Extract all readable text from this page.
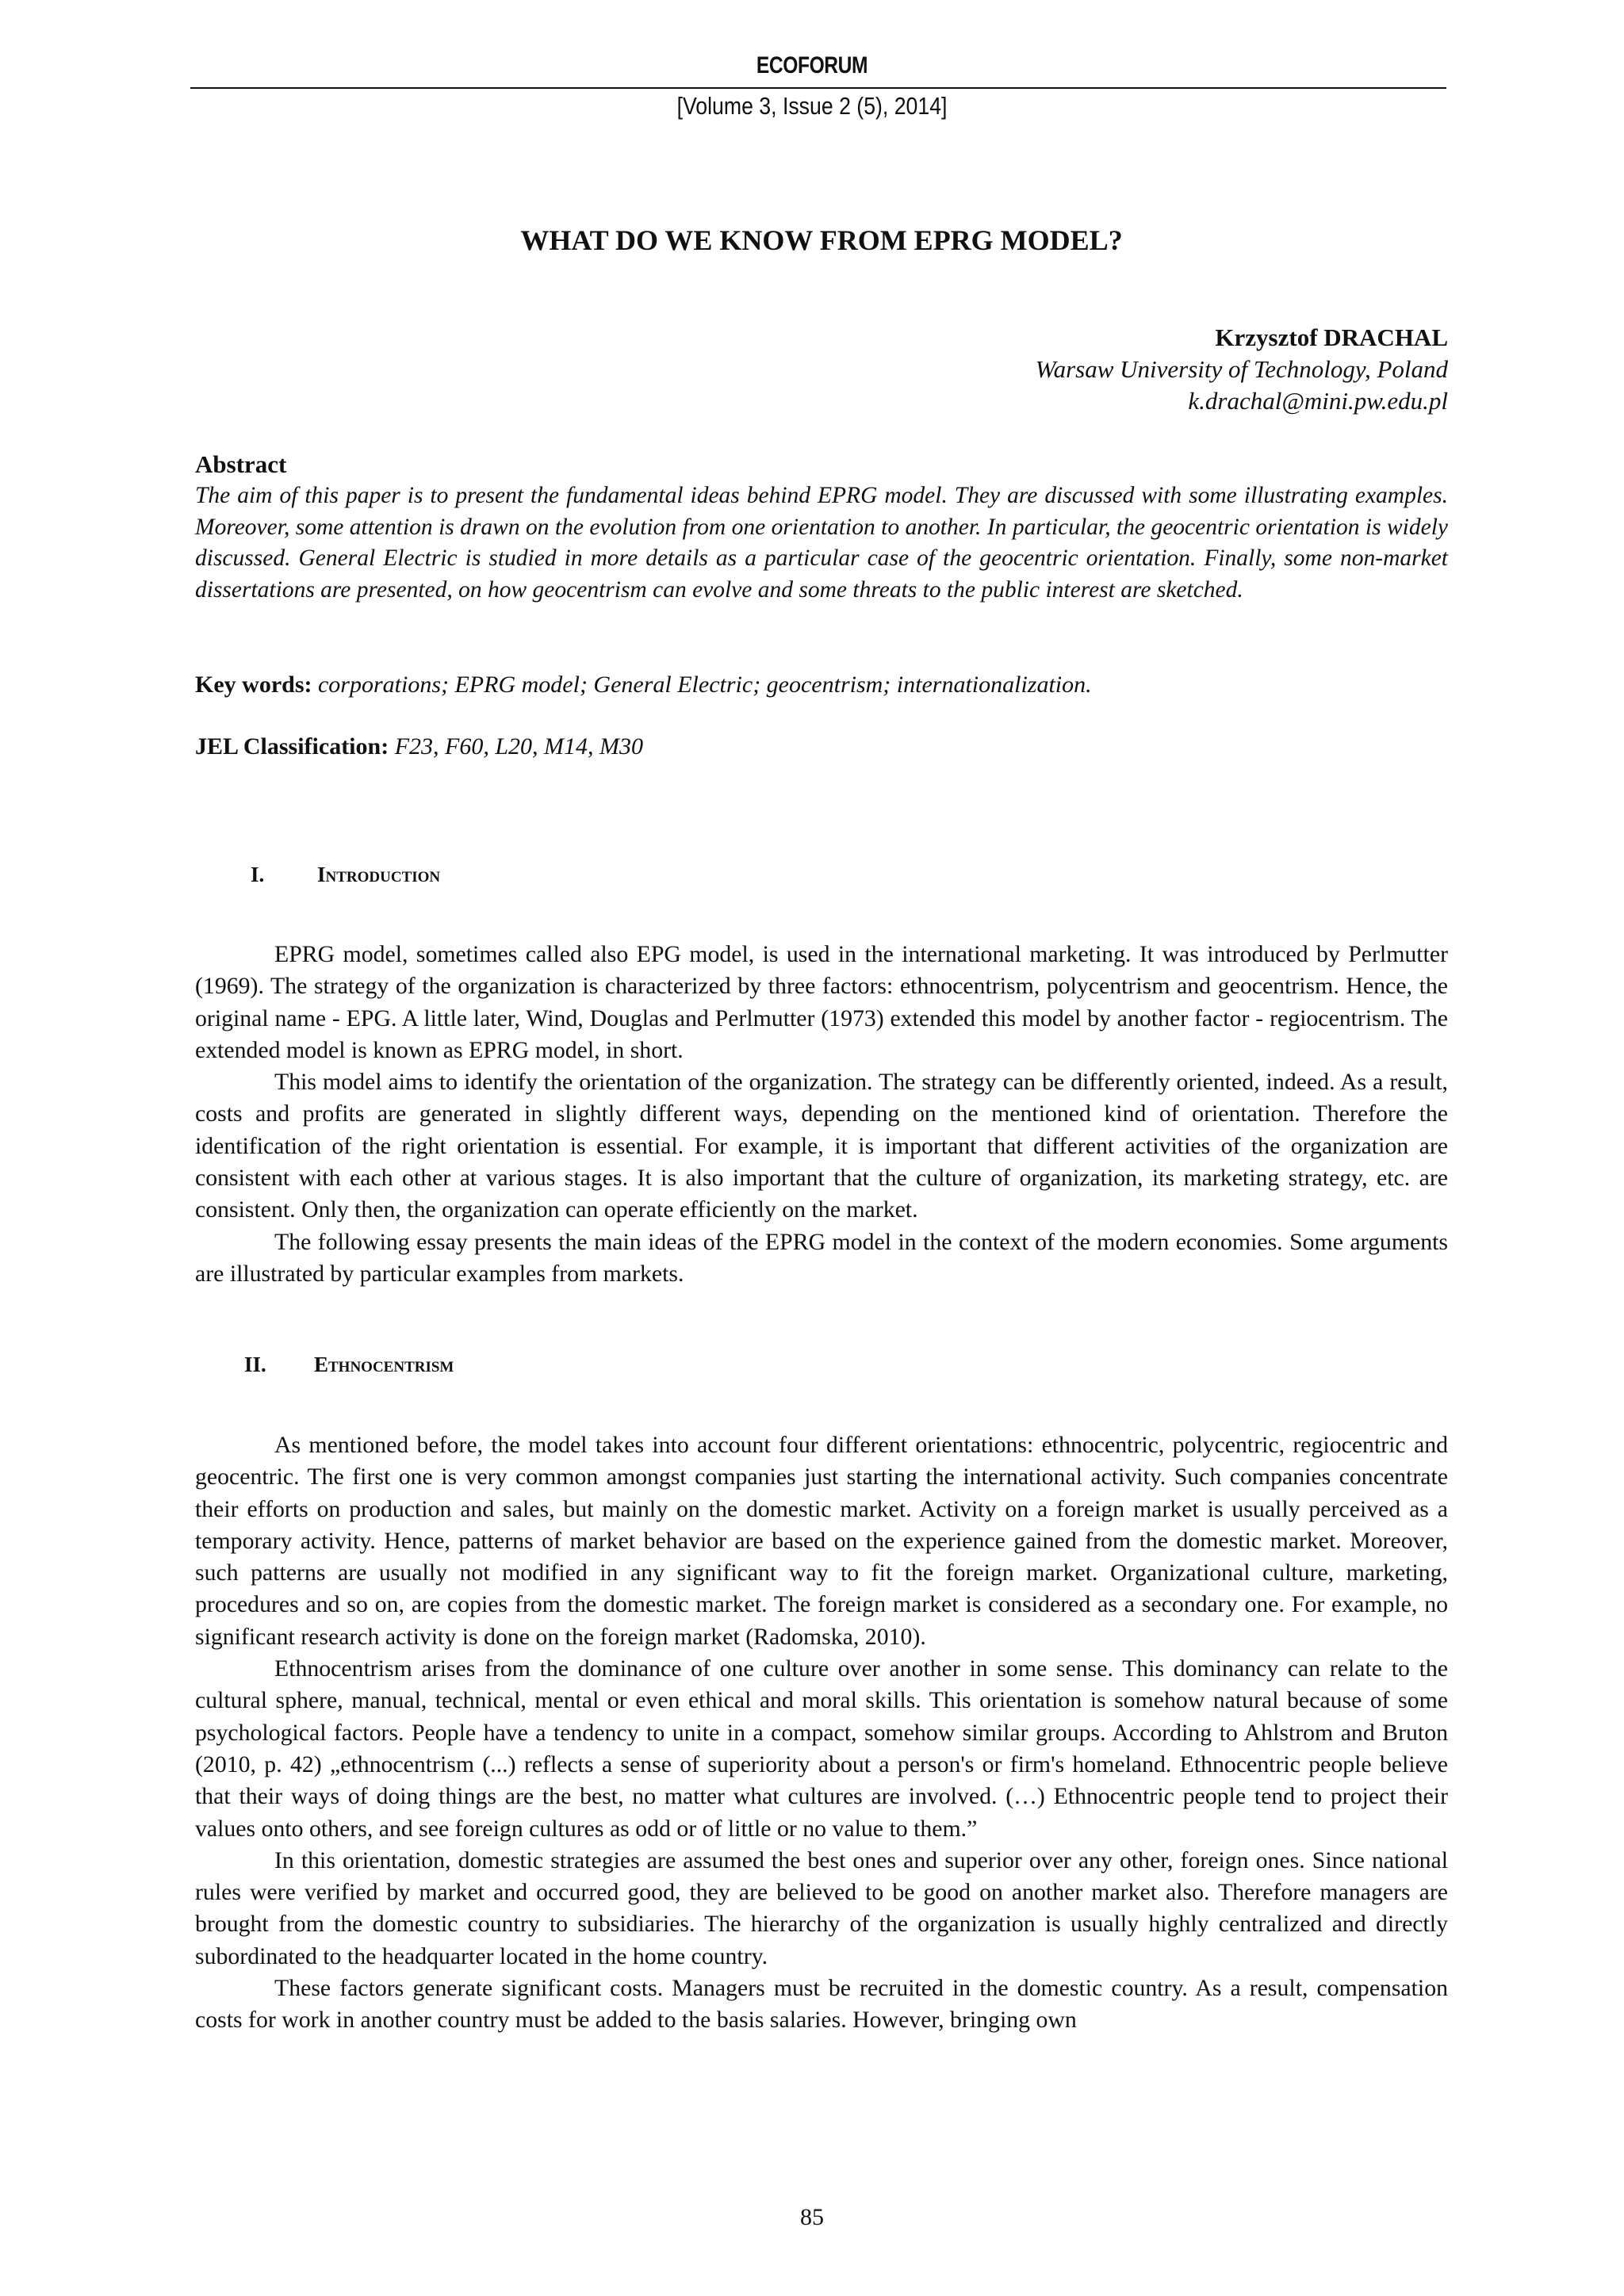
ECOFORUM
[Volume 3, Issue 2 (5), 2014]
WHAT DO WE KNOW FROM EPRG MODEL?
Krzysztof DRACHAL
Warsaw University of Technology, Poland
k.drachal@mini.pw.edu.pl
Abstract

The aim of this paper is to present the fundamental ideas behind EPRG model. They are discussed with some illustrating examples. Moreover, some attention is drawn on the evolution from one orientation to another. In particular, the geocentric orientation is widely discussed. General Electric is studied in more details as a particular case of the geocentric orientation. Finally, some non-market dissertations are presented, on how geocentrism can evolve and some threats to the public interest are sketched.

Key words: corporations; EPRG model; General Electric; geocentrism; internationalization.
JEL Classification: F23, F60, L20, M14, M30
I. Introduction

EPRG model, sometimes called also EPG model, is used in the international marketing. It was introduced by Perlmutter (1969). The strategy of the organization is characterized by three factors: ethnocentrism, polycentrism and geocentrism. Hence, the original name - EPG. A little later, Wind, Douglas and Perlmutter (1973) extended this model by another factor - regiocentrism. The extended model is known as EPRG model, in short.

This model aims to identify the orientation of the organization. The strategy can be differently oriented, indeed. As a result, costs and profits are generated in slightly different ways, depending on the mentioned kind of orientation. Therefore the identification of the right orientation is essential. For example, it is important that different activities of the organization are consistent with each other at various stages. It is also important that the culture of organization, its marketing strategy, etc. are consistent. Only then, the organization can operate efficiently on the market.

The following essay presents the main ideas of the EPRG model in the context of the modern economies. Some arguments are illustrated by particular examples from markets.

II. Ethnocentrism

As mentioned before, the model takes into account four different orientations: ethnocentric, polycentric, regiocentric and geocentric. The first one is very common amongst companies just starting the international activity. Such companies concentrate their efforts on production and sales, but mainly on the domestic market. Activity on a foreign market is usually perceived as a temporary activity. Hence, patterns of market behavior are based on the experience gained from the domestic market. Moreover, such patterns are usually not modified in any significant way to fit the foreign market. Organizational culture, marketing, procedures and so on, are copies from the domestic market. The foreign market is considered as a secondary one. For example, no significant research activity is done on the foreign market (Radomska, 2010).

Ethnocentrism arises from the dominance of one culture over another in some sense. This dominancy can relate to the cultural sphere, manual, technical, mental or even ethical and moral skills. This orientation is somehow natural because of some psychological factors. People have a tendency to unite in a compact, somehow similar groups. According to Ahlstrom and Bruton (2010, p. 42) „ethnocentrism (...) reflects a sense of superiority about a person's or firm's homeland. Ethnocentric people believe that their ways of doing things are the best, no matter what cultures are involved. (…) Ethnocentric people tend to project their values onto others, and see foreign cultures as odd or of little or no value to them.”

In this orientation, domestic strategies are assumed the best ones and superior over any other, foreign ones. Since national rules were verified by market and occurred good, they are believed to be good on another market also. Therefore managers are brought from the domestic country to subsidiaries. The hierarchy of the organization is usually highly centralized and directly subordinated to the headquarter located in the home country.

These factors generate significant costs. Managers must be recruited in the domestic country. As a result, compensation costs for work in another country must be added to the basis salaries. However, bringing own

85
